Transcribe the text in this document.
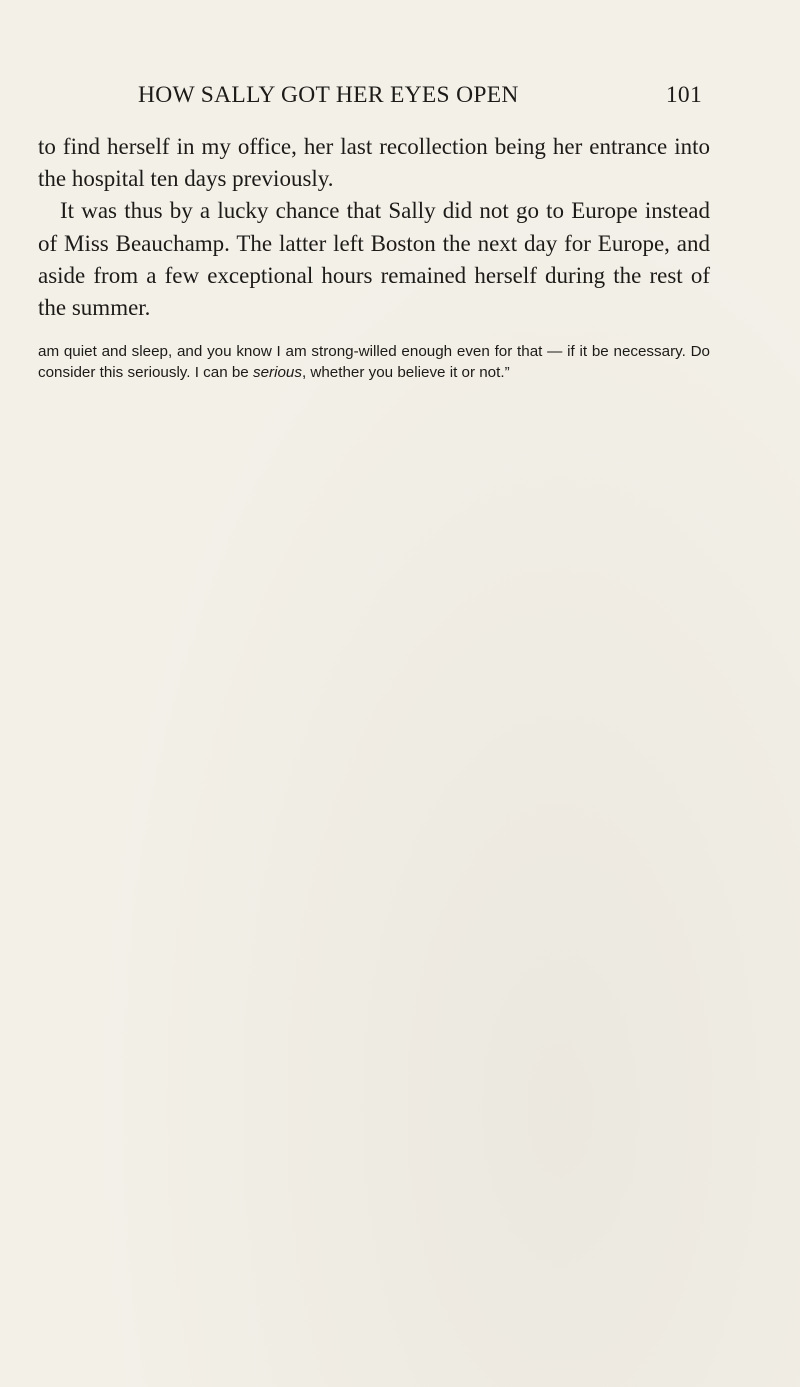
HOW SALLY GOT HER EYES OPEN	101

to find herself in my office, her last recollection being her entrance into the hospital ten days previously.

It was thus by a lucky chance that Sally did not go to Europe instead of Miss Beauchamp. The latter left Boston the next day for Europe, and aside from a few exceptional hours remained herself during the rest of the summer.

am quiet and sleep, and you know I am strong-willed enough even for that — if it be necessary. Do consider this seriously. I can be serious, whether you believe it or not.”
